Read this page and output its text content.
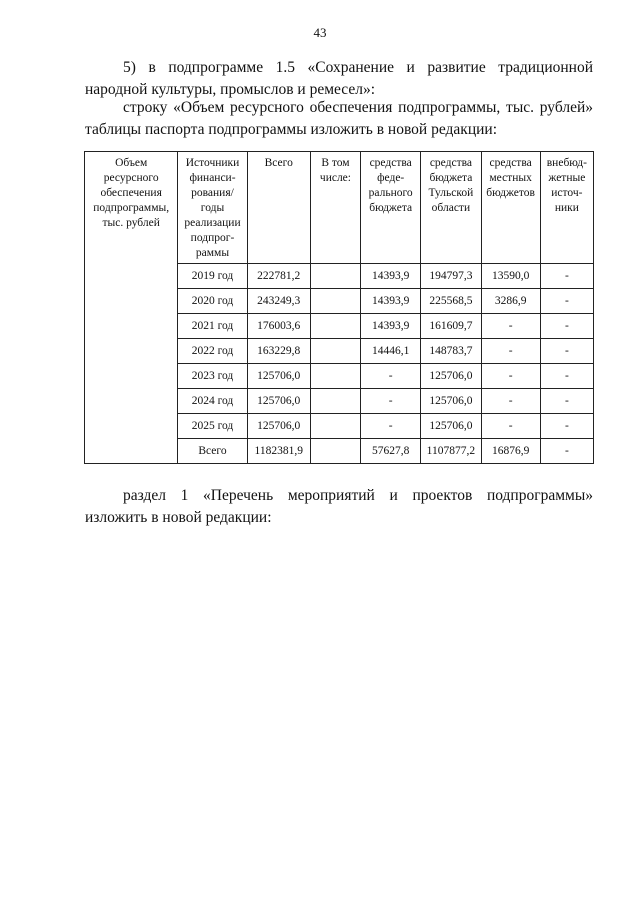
43
5) в подпрограмме 1.5 «Сохранение и развитие традиционной народной культуры, промыслов и ремесел»:
строку «Объем ресурсного обеспечения подпрограммы, тыс. рублей» таблицы паспорта подпрограммы изложить в новой редакции:
Объем ресурсного обеспечения подпрограммы, тыс. рублей	Источники финанси-рования/ годы реализации подпрог-раммы	Всего	В том числе:	средства феде-рального бюджета	средства бюджета Тульской области	средства местных бюджетов	внебюд-жетные источ-ники
	2019 год	222781,2		14393,9	194797,3	13590,0	-
	2020 год	243249,3		14393,9	225568,5	3286,9	-
	2021 год	176003,6		14393,9	161609,7	-	-
	2022 год	163229,8		14446,1	148783,7	-	-
	2023 год	125706,0		-	125706,0	-	-
	2024 год	125706,0		-	125706,0	-	-
	2025 год	125706,0		-	125706,0	-	-
	Всего	1182381,9		57627,8	1107877,2	16876,9	-
раздел 1 «Перечень мероприятий и проектов подпрограммы» изложить в новой редакции:
